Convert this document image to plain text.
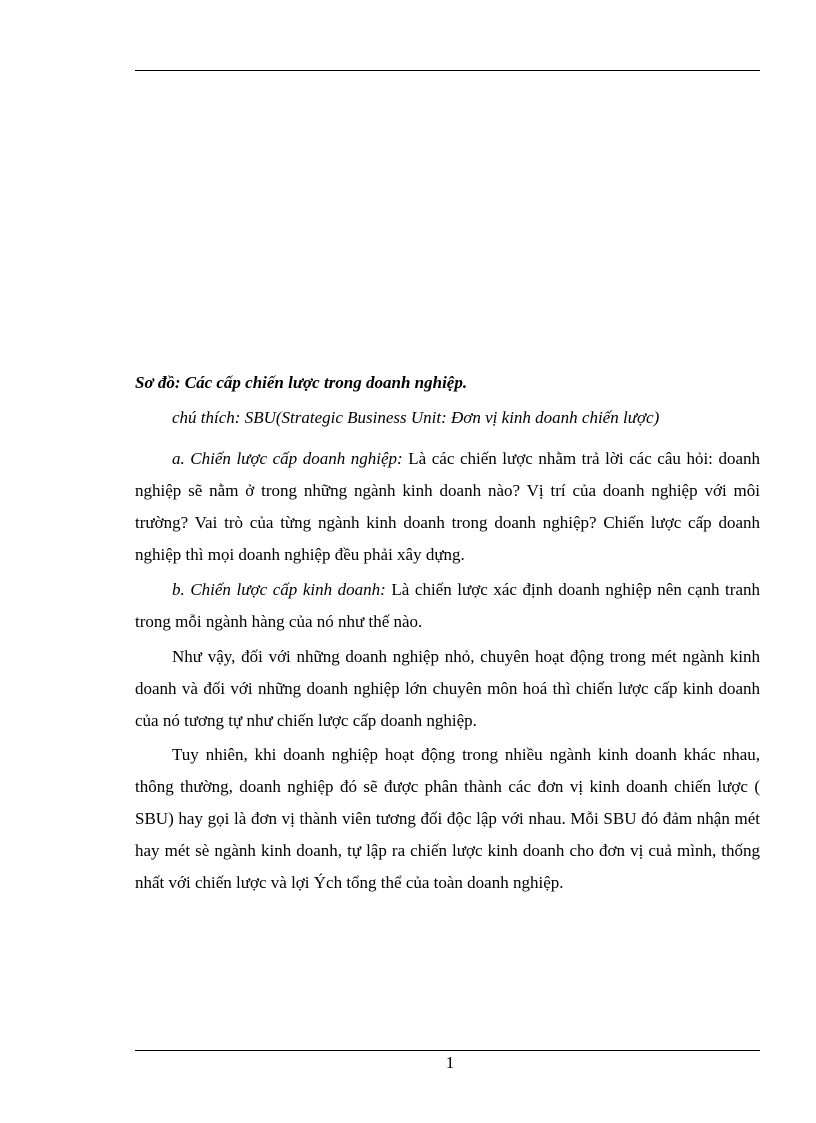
Sơ đồ: Các cấp chiến lược trong doanh nghiệp.
chú thích: SBU(Strategic Business Unit: Đơn vị kinh doanh chiến lược)

a. Chiến lược cấp doanh nghiệp: Là các chiến lược nhằm trả lời các câu hỏi: doanh nghiệp sẽ nằm ở trong những ngành kinh doanh nào? Vị trí của doanh nghiệp với môi trường? Vai trò của từng ngành kinh doanh trong doanh nghiệp? Chiến lược cấp doanh nghiệp thì mọi doanh nghiệp đều phải xây dựng.

b. Chiến lược cấp kinh doanh: Là chiến lược xác định doanh nghiệp nên cạnh tranh trong mỗi ngành hàng của nó như thế nào.

Như vậy, đối với những doanh nghiệp nhỏ, chuyên hoạt động trong mét ngành kinh doanh và đối với những doanh nghiệp lớn chuyên môn hoá thì chiến lược cấp kinh doanh của nó tương tự như chiến lược cấp doanh nghiệp.

Tuy nhiên, khi doanh nghiệp hoạt động trong nhiều ngành kinh doanh khác nhau, thông thường, doanh nghiệp đó sẽ được phân thành các đơn vị kinh doanh chiến lược ( SBU) hay gọi là đơn vị thành viên tương đối độc lập với nhau. Mỗi SBU đó đảm nhận mét hay mét sè ngành kinh doanh, tự lập ra chiến lược kinh doanh cho đơn vị cuả mình, thống nhất với chiến lược và lợi Ých tổng thể của toàn doanh nghiệp.

1
